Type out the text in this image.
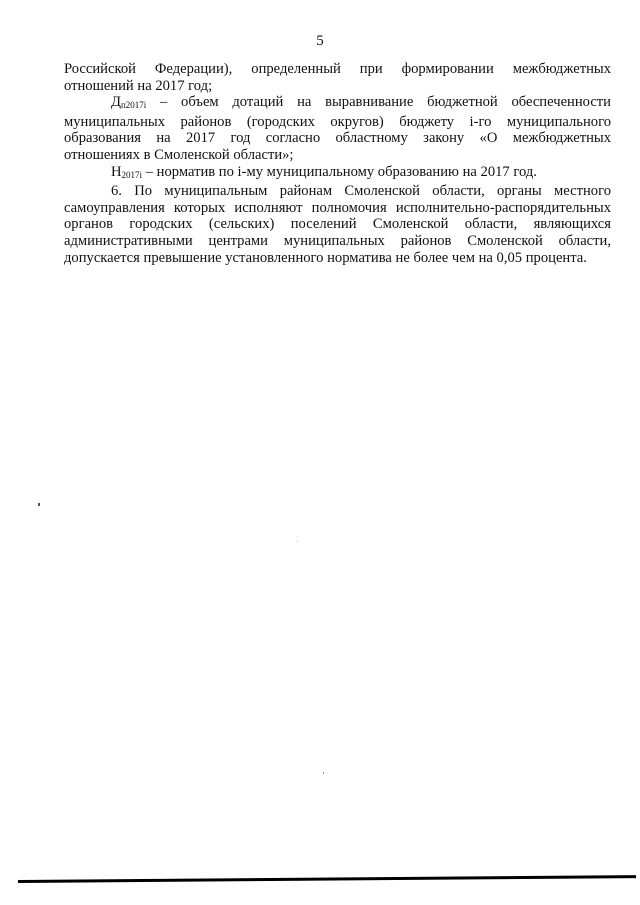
5
Российской Федерации), определенный при формировании межбюджетных
отношений на 2017 год;
$Д_{п2017i}$ – объем дотаций на выравнивание бюджетной обеспеченности
муниципальных районов (городских округов) бюджету i-го муниципального
образования на 2017 год согласно областному закону «О межбюджетных
отношениях в Смоленской области»;
$Н_{2017i}$ – норматив по i-му муниципальному образованию на 2017 год.
6. По муниципальным районам Смоленской области, органы местного
самоуправления которых исполняют полномочия исполнительно-распорядительных
органов городских (сельских) поселений Смоленской области, являющихся
административными центрами муниципальных районов Смоленской области,
допускается превышение установленного норматива не более чем на 0,05 процента.
